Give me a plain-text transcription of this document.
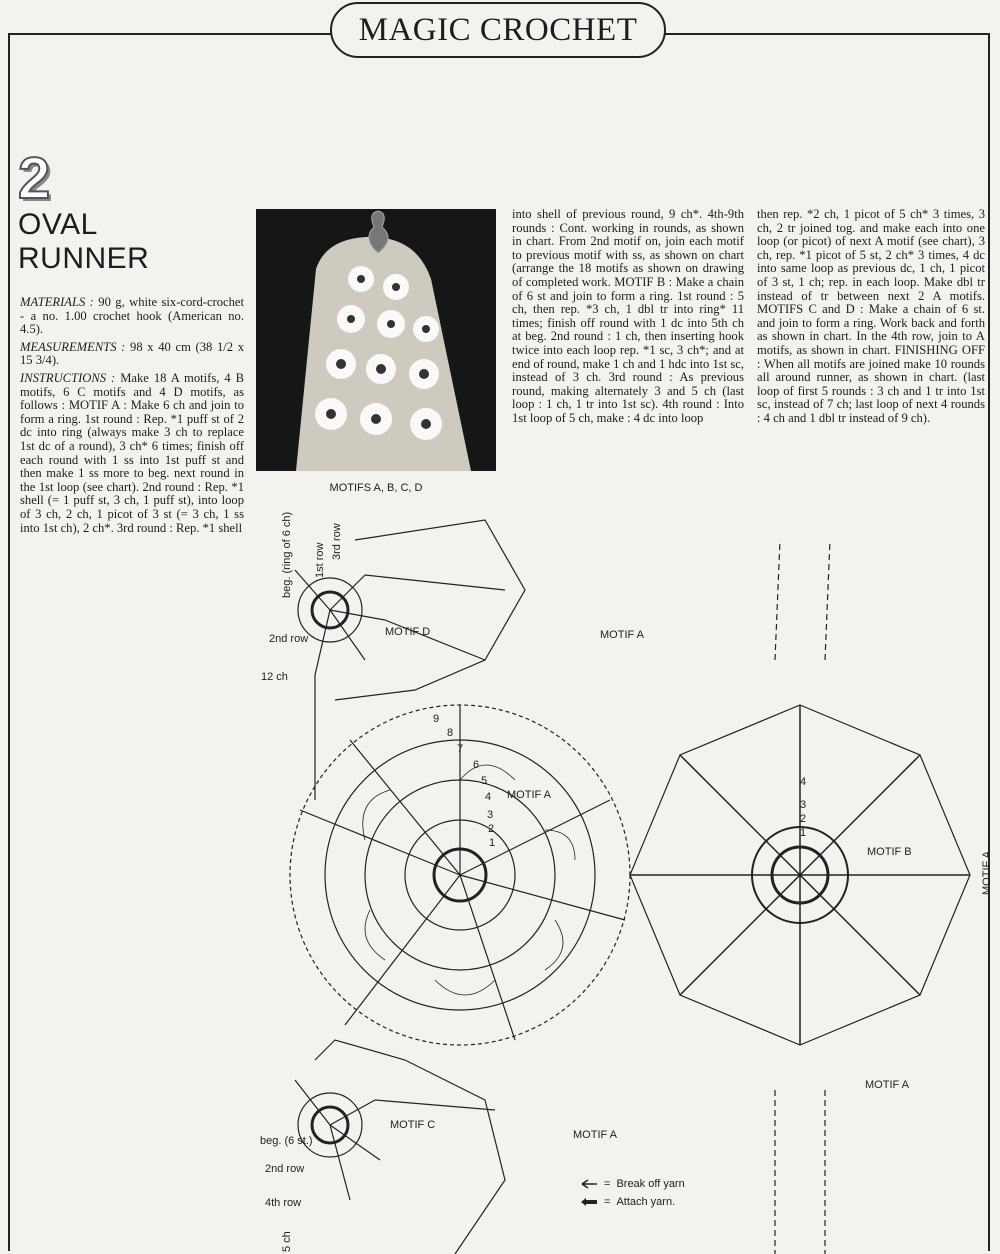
MAGIC CROCHET
2
OVAL
RUNNER

MATERIALS : 90 g, white six-cord-crochet - a no. 1.00 crochet hook (American no. 4.5).

MEASUREMENTS : 98 x 40 cm (38 1/2 x 15 3/4).

INSTRUCTIONS : Make 18 A motifs, 4 B motifs, 6 C motifs and 4 D motifs, as follows : MOTIF A : Make 6 ch and join to form a ring. 1st round : Rep. *1 puff st of 2 dc into ring (always make 3 ch to replace 1st dc of a round), 3 ch* 6 times; finish off each round with 1 ss into 1st puff st and then make 1 ss more to beg. next round in the 1st loop (see chart). 2nd round : Rep. *1 shell (= 1 puff st, 3 ch, 1 puff st), into loop of 3 ch, 2 ch, 1 picot of 3 st (= 3 ch, 1 ss into 1st ch), 2 ch*. 3rd round : Rep. *1 shell

MOTIFS A, B, C, D
into shell of previous round, 9 ch*. 4th-9th rounds : Cont. working in rounds, as shown in chart. From 2nd motif on, join each motif to previous motif with ss, as shown on chart (arrange the 18 motifs as shown on drawing of completed work. MOTIF B : Make a chain of 6 st and join to form a ring. 1st round : 5 ch, then rep. *3 ch, 1 dbl tr into ring* 11 times; finish off round with 1 dc into 5th ch at beg. 2nd round : 1 ch, then inserting hook twice into each loop rep. *1 sc, 3 ch*; and at end of round, make 1 ch and 1 hdc into 1st sc, instead of 3 ch. 3rd round : As previous round, making alternately 3 and 5 ch (last loop : 1 ch, 1 tr into 1st sc). 4th round : Into 1st loop of 5 ch, make : 4 dc into loop
then rep. *2 ch, 1 picot of 5 ch* 3 times, 3 ch, 2 tr joined tog. and make each into one loop (or picot) of next A motif (see chart), 3 ch, rep. *1 picot of 5 st, 2 ch* 3 times, 4 dc into same loop as previous dc, 1 ch, 1 picot of 3 st, 1 ch; rep. in each loop. Make dbl tr instead of tr between next 2 A motifs. MOTIFS C and D : Make a chain of 6 st. and join to form a ring. Work back and forth as shown in chart. In the 4th row, join to A motifs, as shown in chart. FINISHING OFF : When all motifs are joined make 10 rounds all around runner, as shown in chart. (last loop of first 5 rounds : 3 ch and 1 tr into 1st sc, instead of 7 ch; last loop of next 4 rounds : 4 ch and 1 dbl tr instead of 9 ch).
MOTIF D	MOTIF A
MOTIF A
MOTIF B
MOTIF A
MOTIF C
MOTIF A
MOTIF A
beg. (ring of 6 ch) 1st row
3rd row
2nd row
12 ch
beg. (6 st.)
2nd row
4th row
5 ch
9
8
7
6
5
4
3
2
1
4
3
2
1
= Break off yarn
= Attach yarn.
